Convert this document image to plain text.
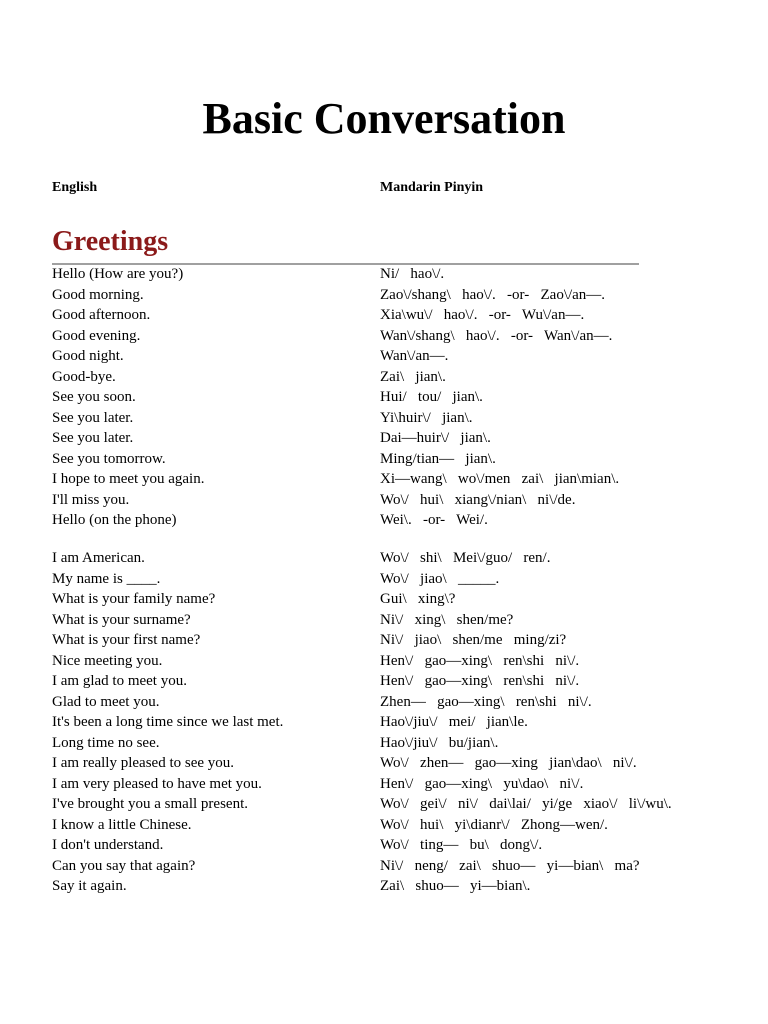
Basic Conversation
English	Mandarin Pinyin
Greetings
Hello (How are you?)	Ni/   hao\/.
Good morning.	Zao\/shang\   hao\/.   -or-   Zao\/an—.
Good afternoon.	Xia\wu\/   hao\/.   -or-   Wu\/an—.
Good evening.	Wan\/shang\   hao\/.   -or-   Wan\/an—.
Good night.	Wan\/an—.
Good-bye.	Zai\   jian\.
See you soon.	Hui/   tou/   jian\.
See you later.	Yi\huir\/   jian\.
See you later.	Dai—huir\/   jian\.
See you tomorrow.	Ming/tian—   jian\.
I hope to meet you again.	Xi—wang\   wo\/men   zai\   jian\mian\.
I'll miss you.	Wo\/   hui\   xiang\/nian\   ni\/de.
Hello (on the phone)	Wei\.   -or-   Wei/.
I am American.	Wo\/   shi\   Mei\/guo/   ren/.
My name is ____.	Wo\/   jiao\   _____.
What is your family name?	Gui\   xing\?
What is your surname?	Ni\/   xing\   shen/me?
What is your first name?	Ni\/   jiao\   shen/me   ming/zi?
Nice meeting you.	Hen\/   gao—xing\   ren\shi   ni\/.
I am glad to meet you.	Hen\/   gao—xing\   ren\shi   ni\/.
Glad to meet you.	Zhen—   gao—xing\   ren\shi   ni\/.
It's been a long time since we last met.	Hao\/jiu\/   mei/   jian\le.
Long time no see.	Hao\/jiu\/   bu/jian\.
I am really pleased to see you.	Wo\/   zhen—   gao—xing   jian\dao\   ni\/.
I am very pleased to have met you.	Hen\/   gao—xing\   yu\dao\   ni\/.
I've brought you a small present.	Wo\/   gei\/   ni\/   dai\lai/   yi/ge   xiao\/   li\/wu\.
I know a little Chinese.	Wo\/   hui\   yi\dianr\/   Zhong—wen/.
I don't understand.	Wo\/   ting—   bu\   dong\/.
Can you say that again?	Ni\/   neng/   zai\   shuo—   yi—bian\   ma?
Say it again.	Zai\   shuo—   yi—bian\.
